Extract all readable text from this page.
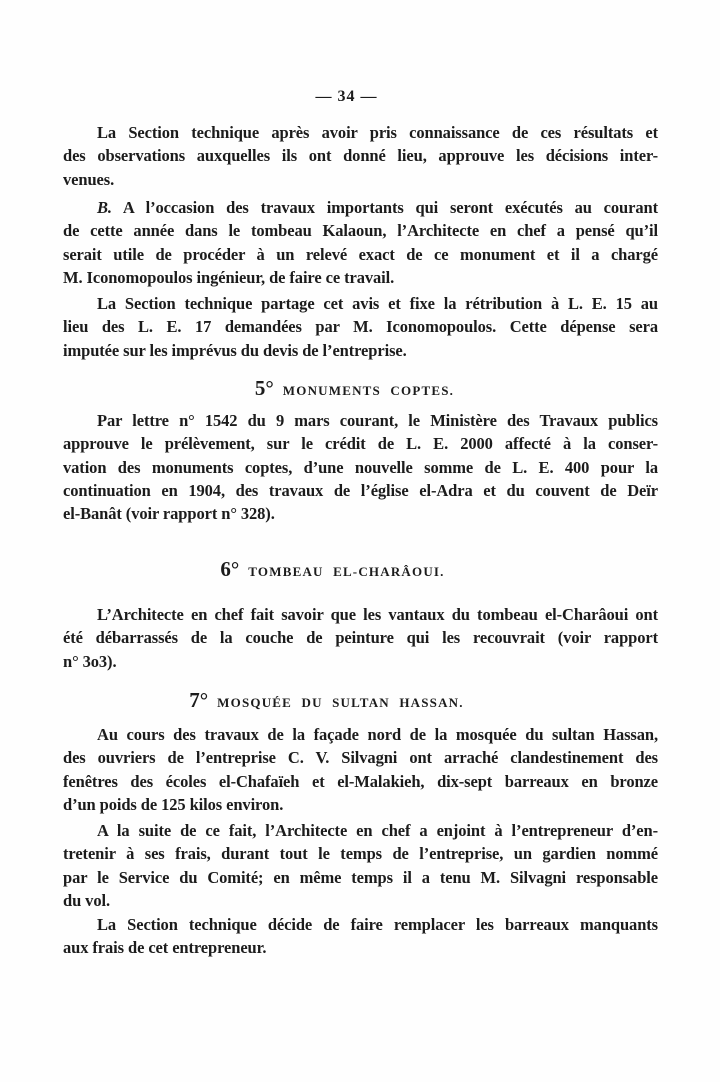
— 34 —
La Section technique après avoir pris connaissance de ces résultats et
des observations auxquelles ils ont donné lieu, approuve les décisions inter-
venues.
B. A l’occasion des travaux importants qui seront exécutés au courant
de cette année dans le tombeau Kalaoun, l’Architecte en chef a pensé qu’il
serait utile de procéder à un relevé exact de ce monument et il a chargé
M. Iconomopoulos ingénieur, de faire ce travail.
La Section technique partage cet avis et fixe la rétribution à L. E. 15 au
lieu des L. E. 17 demandées par M. Iconomopoulos. Cette dépense sera
imputée sur les imprévus du devis de l’entreprise.
5° MONUMENTS COPTES.
Par lettre n° 1542 du 9 mars courant, le Ministère des Travaux publics
approuve le prélèvement, sur le crédit de L. E. 2000 affecté à la conser-
vation des monuments coptes, d’une nouvelle somme de L. E. 400 pour la
continuation en 1904, des travaux de l’église el-Adra et du couvent de Deïr
el-Banât (voir rapport n° 328).
6° TOMBEAU EL-CHARÂOUI.
L’Architecte en chef fait savoir que les vantaux du tombeau el-Charâoui ont
été débarrassés de la couche de peinture qui les recouvrait (voir rapport
n° 3o3).
7° MOSQUÉE DU SULTAN HASSAN.
Au cours des travaux de la façade nord de la mosquée du sultan Hassan,
des ouvriers de l’entreprise C. V. Silvagni ont arraché clandestinement des
fenêtres des écoles el-Chafaïeh et el-Malakieh, dix-sept barreaux en bronze
d’un poids de 125 kilos environ.
A la suite de ce fait, l’Architecte en chef a enjoint à l’entrepreneur d’en-
tretenir à ses frais, durant tout le temps de l’entreprise, un gardien nommé
par le Service du Comité; en même temps il a tenu M. Silvagni responsable
du vol.
La Section technique décide de faire remplacer les barreaux manquants
aux frais de cet entrepreneur.
